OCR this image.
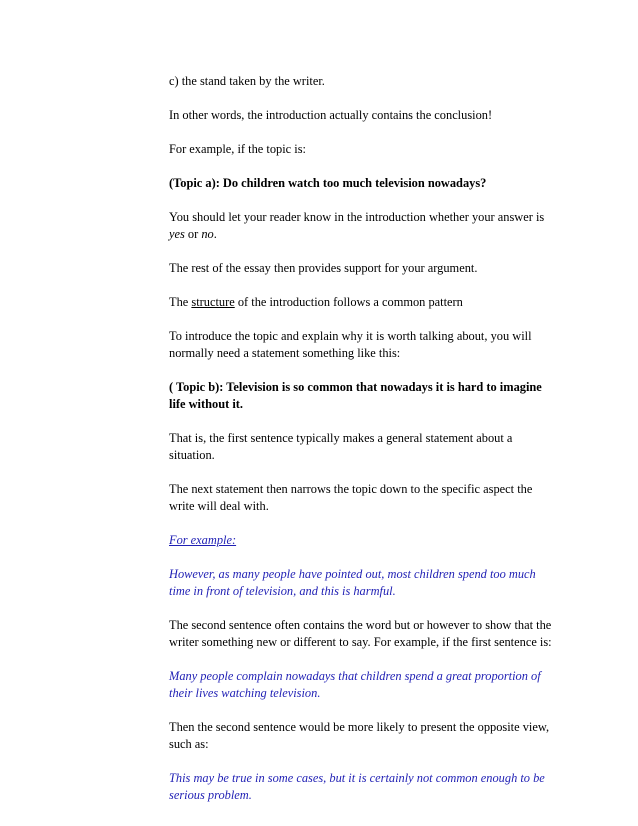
c) the stand taken by the writer.

In other words, the introduction actually contains the conclusion!

For example, if the topic is:

(Topic a): Do children watch too much television nowadays?

You should let your reader know in the introduction whether your answer is yes or no.

The rest of the essay then provides support for your argument.

The structure of the introduction follows a common pattern

To introduce the topic and explain why it is worth talking about, you will normally need a statement something like this:

( Topic b): Television is so common that nowadays it is hard to imagine life without it.

That is, the first sentence typically makes a general statement about a situation.

The next statement then narrows the topic down to the specific aspect the write will deal with.

For example:

However, as many people have pointed out, most children spend too much time in front of television, and this is harmful.

The second sentence often contains the word but or however to show that the writer something new or different to say. For example, if the first sentence is:

Many people complain nowadays that children spend a great proportion of their lives watching television.

Then the second sentence would be more likely to present the opposite view, such as:

This may be true in some cases, but it is certainly not common enough to be serious problem.
